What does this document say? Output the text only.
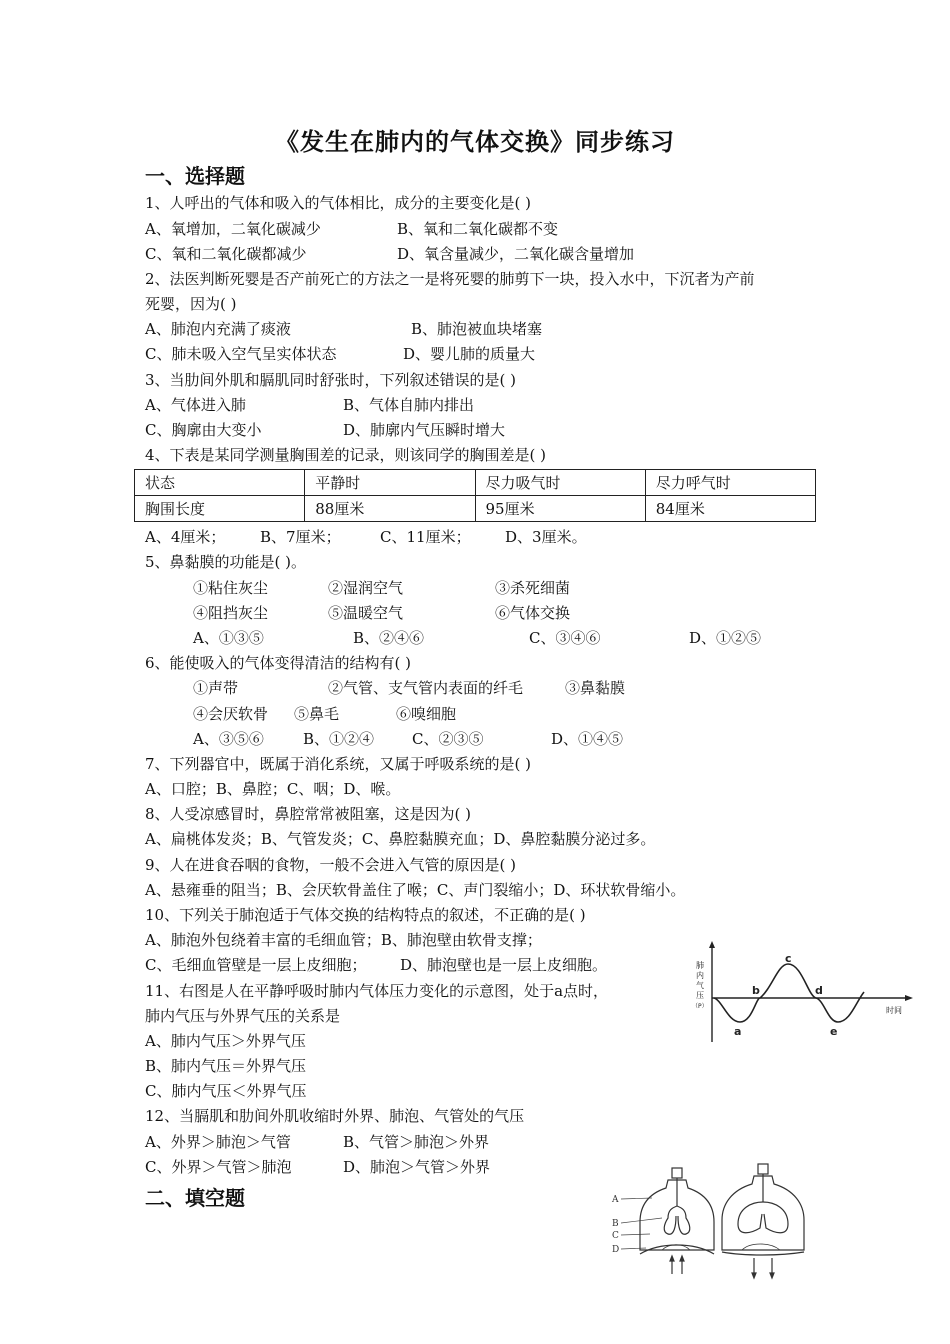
《发生在肺内的气体交换》同步练习
一、选择题
1、人呼出的气体和吸入的气体相比，成分的主要变化是( )
A、氧增加，二氧化碳减少	B、氧和二氧化碳都不变
C、氧和二氧化碳都减少	D、氧含量减少，二氧化碳含量增加
2、法医判断死婴是否产前死亡的方法之一是将死婴的肺剪下一块，投入水中，下沉者为产前
死婴，因为( )
A、肺泡内充满了痰液	B、肺泡被血块堵塞
C、肺未吸入空气呈实体状态	D、婴儿肺的质量大
3、当肋间外肌和膈肌同时舒张时，下列叙述错误的是( )
A、气体进入肺	B、气体自肺内排出
C、胸廓由大变小	D、肺廓内气压瞬时增大
4、下表是某同学测量胸围差的记录，则该同学的胸围差是( )
状态	平静时	尽力吸气时	尽力呼气时
胸围长度	88厘米	95厘米	84厘米
A、4厘米； B、7厘米；	C、11厘米； D、3厘米。
5、鼻黏膜的功能是( )。
①粘住灰尘	②湿润空气	③杀死细菌
④阻挡灰尘	⑤温暖空气	⑥气体交换
A、①③⑤	B、②④⑥	C、③④⑥	D、①②⑤
6、能使吸入的气体变得清洁的结构有( )
①声带	②气管、支气管内表面的纤毛	③鼻黏膜
④会厌软骨 ⑤鼻毛	⑥嗅细胞
A、③⑤⑥	B、①②④	C、②③⑤	D、①④⑤
7、下列器官中，既属于消化系统，又属于呼吸系统的是( )
A、口腔；B、鼻腔；C、咽；D、喉。
8、人受凉感冒时，鼻腔常常被阻塞，这是因为( )
A、扁桃体发炎；B、气管发炎；C、鼻腔黏膜充血；D、鼻腔黏膜分泌过多。
9、人在进食吞咽的食物，一般不会进入气管的原因是( )
A、悬雍垂的阻当；B、会厌软骨盖住了喉；C、声门裂缩小；D、环状软骨缩小。
10、下列关于肺泡适于气体交换的结构特点的叙述，不正确的是( )
A、肺泡外包绕着丰富的毛细血管；B、肺泡壁由软骨支撑；
C、毛细血管壁是一层上皮细胞； D、肺泡壁也是一层上皮细胞。
11、右图是人在平静呼吸时肺内气体压力变化的示意图，处于a点时，
肺内气压与外界气压的关系是
A、肺内气压＞外界气压
B、肺内气压＝外界气压
C、肺内气压＜外界气压
12、当膈肌和肋间外肌收缩时外界、肺泡、气管处的气压
A、外界＞肺泡＞气管	B、气管＞肺泡＞外界
C、外界＞气管＞肺泡	D、肺泡＞气管＞外界
二、填空题
肺
内
气
压
（P）	时间
a
b
c
d
e
A
B
C
D
